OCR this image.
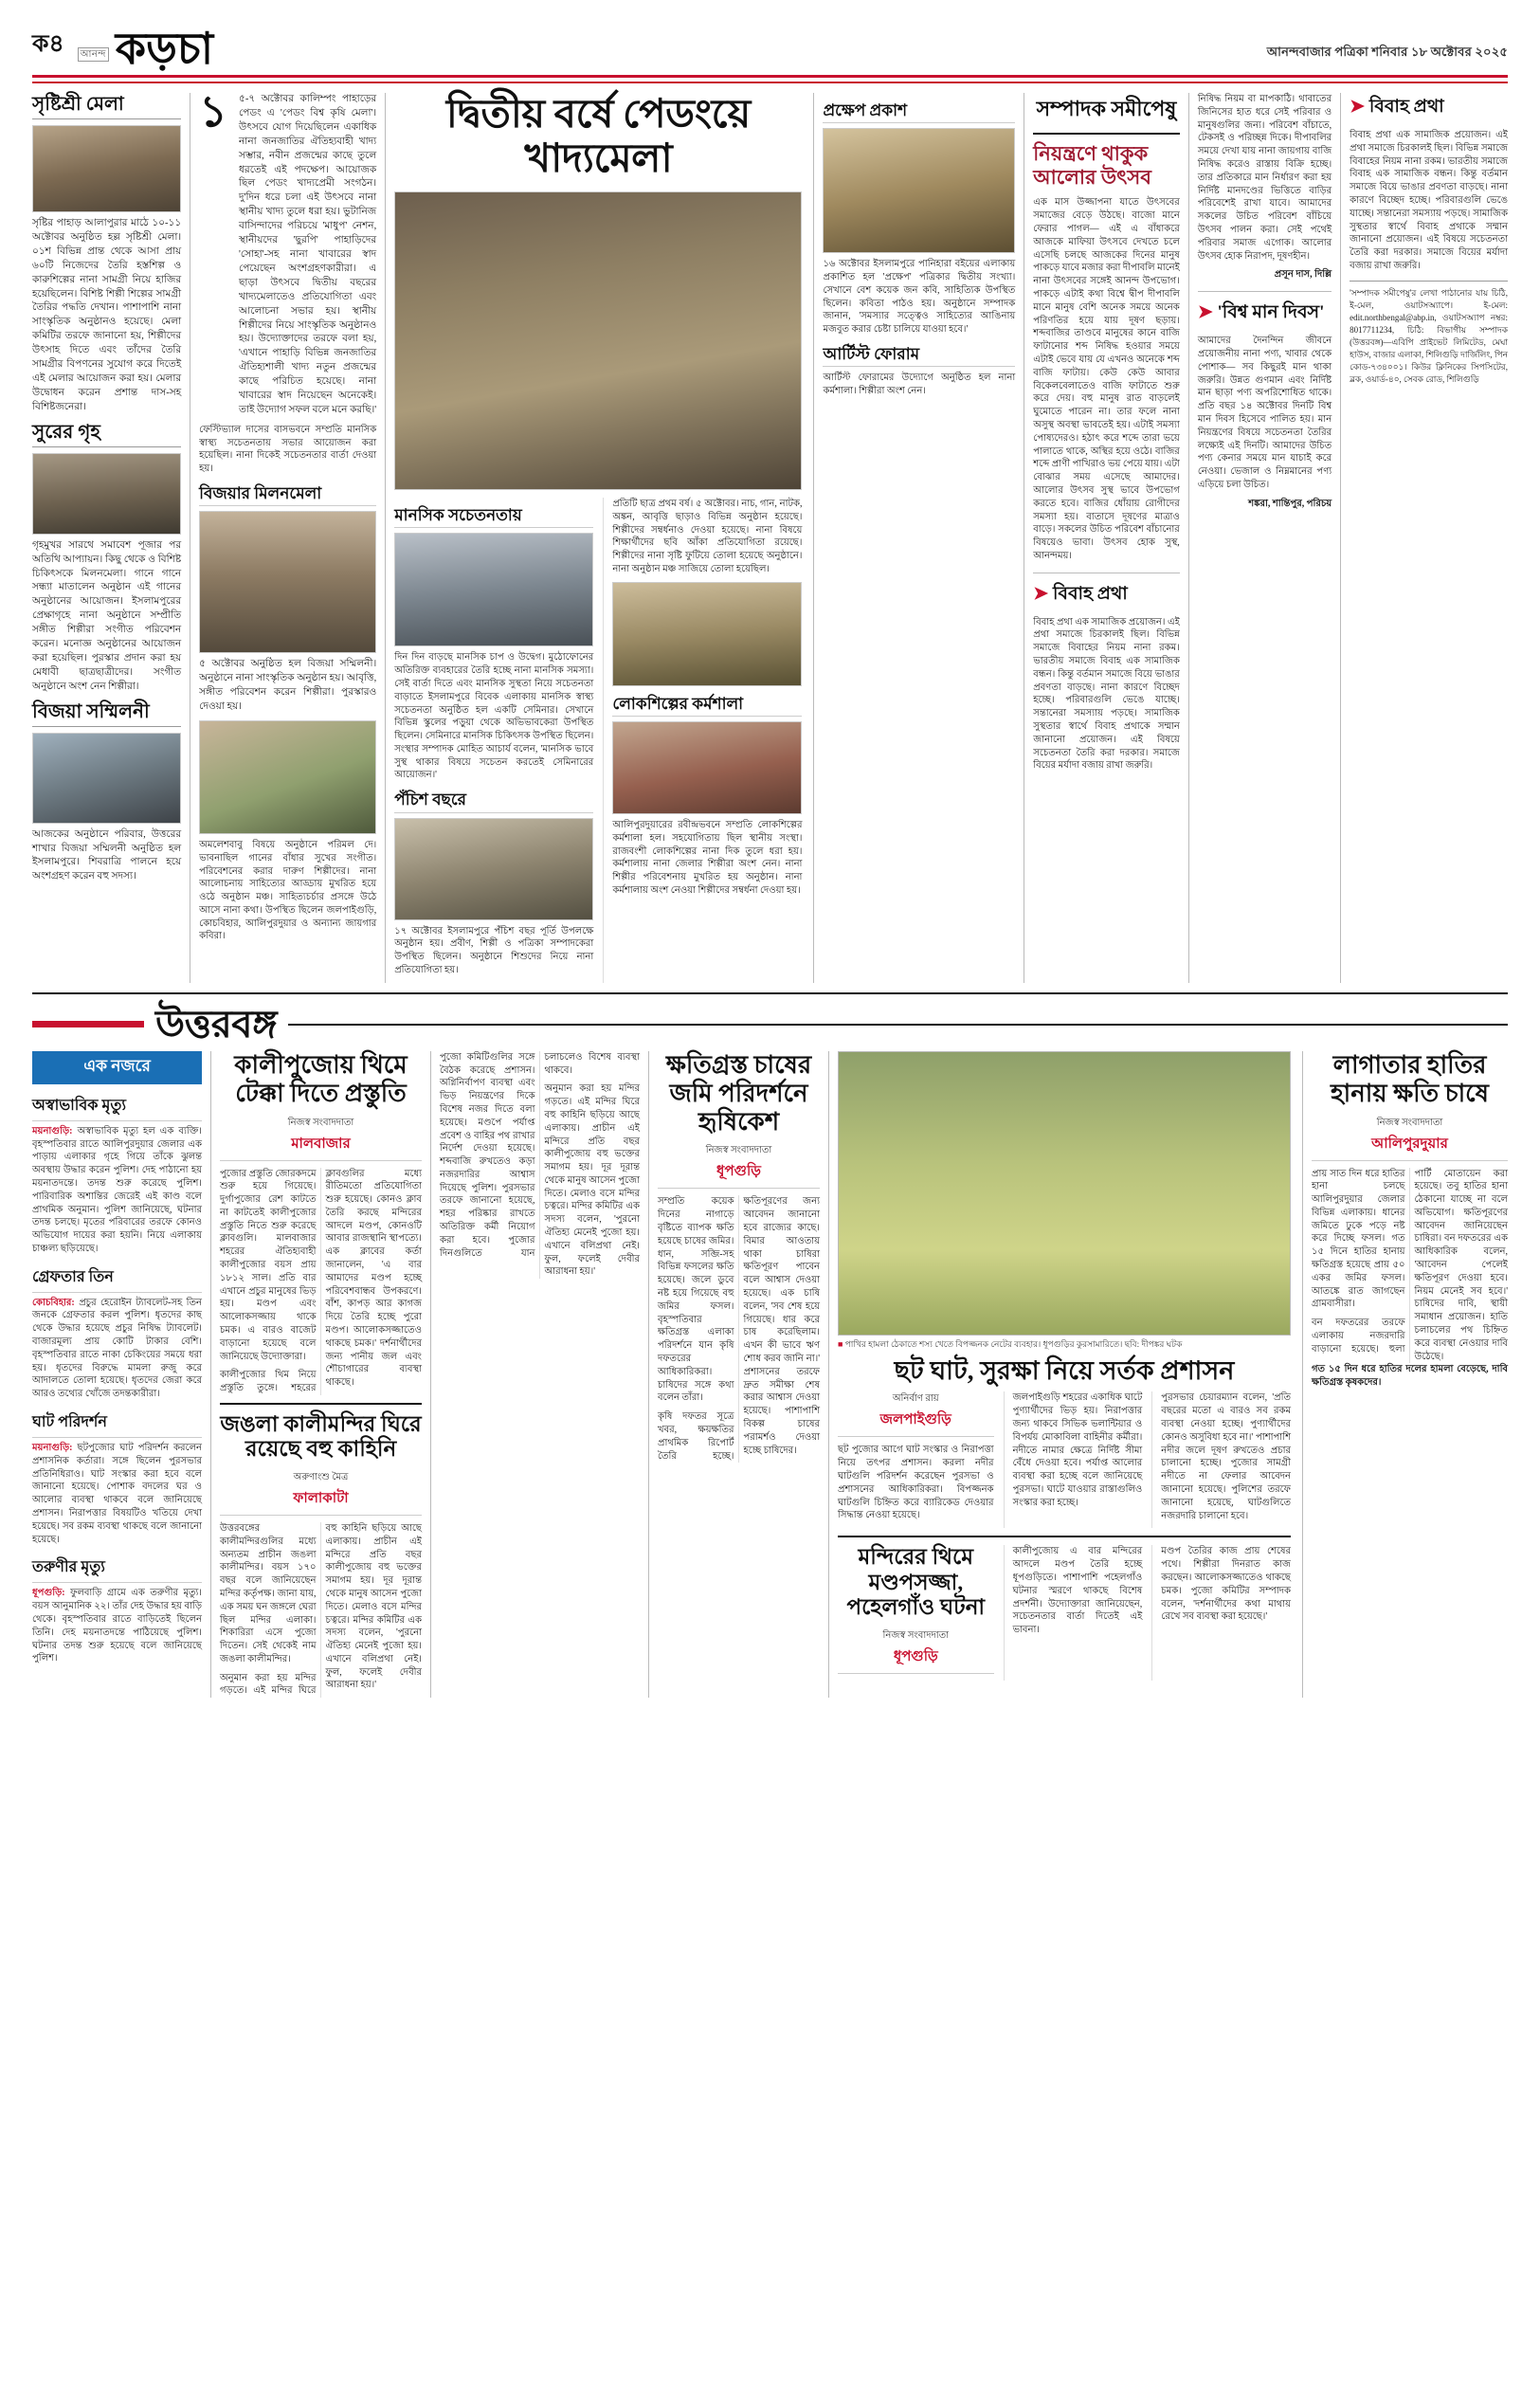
ক৪	আনন্দ কড়চা	আনন্দবাজার পত্রিকা শনিবার ১৮ অক্টোবর ২০২৫
সৃষ্টিশ্রী মেলা

সৃষ্টির পাহাড় আলাপুরার মাঠে ১০-১১ অক্টোবর অনুষ্ঠিত হল্ল সৃষ্টিশ্রী মেলা। ০১শ বিভিন্ন প্রান্ত থেকে আসা প্রায় ৬০টি নিজেদের তৈরি হস্তশিল্প ও কারুশিল্পের নানা সামগ্রী নিয়ে হাজির হয়েছিলেন। বিশিষ্ট শিল্পী শিল্পের সামগ্রী তৈরির পদ্ধতি দেখান। পাশাপাশি নানা সাংস্কৃতিক অনুষ্ঠানও হয়েছে। মেলা কমিটির তরফে জানানো হয়, শিল্পীদের উৎসাহ দিতে এবং তাঁদের তৈরি সামগ্রীর বিপণনের সুযোগ করে দিতেই এই মেলার আয়োজন করা হয়। মেলার উদ্বোধন করেন প্রশান্ত দাস-সহ বিশিষ্টজনেরা।

সুরের গৃহ

গৃহমুখর সারথে সমাবেশ পূজার পর অতিথি আপ্যায়ন। কিছু থেকে ও বিশিষ্ট চিকিৎসকে মিলনমেলা। গানে গানে সন্ধ্যা মাতালেন অনুষ্ঠান এই গানের অনুষ্ঠানের আয়োজন। ইসলামপুরের প্রেক্ষাগৃহে নানা অনুষ্ঠানে সম্প্রীতি সঙ্গীত শিল্পীরা সংগীত পরিবেশন করেন। মনোজ্ঞ অনুষ্ঠানের আয়োজন করা হয়েছিল। পুরস্কার প্রদান করা হয় মেধাবী ছাত্রছাত্রীদের। সংগীত অনুষ্ঠানে অংশ নেন শিল্পীরা।

বিজয়া সম্মিলনী

আজকের অনুষ্ঠানে পরিবার, উত্তরের শাখার বিজয়া সম্মিলনী অনুষ্ঠিত হল ইসলামপুরে। শিবরাত্রি পালনে হয়ে অংশগ্রহণ করেন বহু সদস্য।

১	৫-৭ অক্টোবর কালিম্পং পাহাড়ের পেডং এ 'পেডং বিশ্ব কৃষি মেলা'। উৎসবে যোগ দিয়েছিলেন একাধিক নানা জনজাতির ঐতিহ্যবাহী খাদ্য সম্ভার, নবীন প্রজন্মের কাছে তুলে ধরতেই এই পদক্ষেপ। আয়োজক ছিল পেডং খাদ্যপ্রেমী সংগঠন। দু'দিন ধরে চলা এই উৎসবে নানা স্থানীয় খাদ্য তুলে ধরা হয়। ভুটানিজ বাসিন্দাদের পরিচয়ে 'মাধুপ' নেশন, স্থানীয়দের 'ছুরপি' পাহাড়িদের 'সোহা'-সহ নানা খাবারের স্বাদ পেয়েছেন অংশগ্রহণকারীরা। এ ছাড়া উৎসবে দ্বিতীয় বছরের খাদ্যমেলাতেও প্রতিযোগিতা এবং আলোচনা সভার হয়। স্থানীয় শিল্পীদের নিয়ে সাংস্কৃতিক অনুষ্ঠানও হয়। উদ্যোক্তাদের তরফে বলা হয়, 'এখানে পাহাড়ি বিভিন্ন জনজাতির ঐতিহ্যশালী খাদ্য নতুন প্রজন্মের কাছে পরিচিত হয়েছে। নানা খাবারের স্বাদ নিয়েছেন অনেকেই। তাই উদ্যোগ সফল বলে মনে করছি।'

ফেস্টিভ্যাল দাসের বাসভবনে সম্প্রতি মানসিক স্বাস্থ্য সচেতনতায় সভার আয়োজন করা হয়েছিল। নানা দিকেই সচেতনতার বার্তা দেওয়া হয়।

বিজয়ার মিলনমেলা

৫ অক্টোবর অনুষ্ঠিত হল বিজয়া সম্মিলনী। অনুষ্ঠানে নানা সাংস্কৃতিক অনুষ্ঠান হয়। আবৃত্তি, সঙ্গীত পরিবেশন করেন শিল্পীরা। পুরস্কারও দেওয়া হয়।

অমলেশবাবু বিষয়ে অনুষ্ঠানে পরিমল দে। ভাবনাছিল গানের বাঁধার সুখের সংগীত। পরিবেশনের করার দারুণ শিল্পীদের। নানা আলোচনায় সাহিত্যের আড্ডায় মুখরিত হয়ে ওঠে অনুষ্ঠান মঞ্চ। সাহিত্যচর্চার প্রসঙ্গে উঠে আসে নানা কথা। উপস্থিত ছিলেন জলপাইগুড়ি, কোচবিহার, আলিপুরদুয়ার ও অন্যান্য জায়গার কবিরা।

দ্বিতীয় বর্ষে পেডংয়ে খাদ্যমেলা
মানসিক সচেতনতায়

দিন দিন বাড়ছে মানসিক চাপ ও উদ্বেগ। মুঠোফোনের অতিরিক্ত ব্যবহারের তৈরি হচ্ছে নানা মানসিক সমস্যা। সেই বার্তা দিতে এবং মানসিক সুস্থতা নিয়ে সচেতনতা বাড়াতে ইসলামপুরে বিবেক এলাকায় মানসিক স্বাস্থ্য সচেতনতা অনুষ্ঠিত হল একটি সেমিনার। সেখানে বিভিন্ন স্কুলের পড়ুয়া থেকে অভিভাবকেরা উপস্থিত ছিলেন। সেমিনারে মানসিক চিকিৎসক উপস্থিত ছিলেন। সংস্থার সম্পাদক মোহিত আচার্য বলেন, 'মানসিক ভাবে সুস্থ থাকার বিষয়ে সচেতন করতেই সেমিনারের আয়োজন।'

পঁচিশ বছরে

১৭ অক্টোবর ইসলামপুরে পঁচিশ বছর পূর্তি উপলক্ষে অনুষ্ঠান হয়। প্রবীণ, শিল্পী ও পত্রিকা সম্পাদকেরা উপস্থিত ছিলেন। অনুষ্ঠানে শিশুদের নিয়ে নানা প্রতিযোগিতা হয়।

প্রতিটি ছাত্র প্রথম বর্ষ। ৫ অক্টোবর। নাচ, গান, নাটক, অঙ্কন, আবৃত্তি ছাড়াও বিভিন্ন অনুষ্ঠান হয়েছে। শিল্পীদের সম্বর্ধনাও দেওয়া হয়েছে। নানা বিষয়ে শিক্ষার্থীদের ছবি আঁকা প্রতিযোগিতা রয়েছে। শিল্পীদের নানা সৃষ্টি ফুটিয়ে তোলা হয়েছে অনুষ্ঠানে। নানা অনুষ্ঠান মঞ্চ সাজিয়ে তোলা হয়েছিল।

লোকশিল্পের কর্মশালা

আলিপুরদুয়ারের রবীন্দ্রভবনে সম্প্রতি লোকশিল্পের কর্মশালা হল। সহযোগিতায় ছিল স্থানীয় সংস্থা। রাজবংশী লোকশিল্পের নানা দিক তুলে ধরা হয়। কর্মশালায় নানা জেলার শিল্পীরা অংশ নেন। নানা শিল্পীর পরিবেশনায় মুখরিত হয় অনুষ্ঠান। নানা কর্মশালায় অংশ নেওয়া শিল্পীদের সম্বর্ধনা দেওয়া হয়।

প্রক্ষেপ প্রকাশ

১৬ অক্টোবর ইসলামপুরে পানিহারা বইয়ের এলাকায় প্রকাশিত হল 'প্রক্ষেপ' পত্রিকার দ্বিতীয় সংখ্যা। সেখানে বেশ কয়েক জন কবি, সাহিত্যিক উপস্থিত ছিলেন। কবিতা পাঠও হয়। অনুষ্ঠানে সম্পাদক জানান, 'সমস্যার সত্ত্বেও সাহিত্যের আঙিনায় মজবুত করার চেষ্টা চালিয়ে যাওয়া হবে।'

আর্টিস্ট ফোরাম

আর্টিস্ট ফোরামের উদ্যোগে অনুষ্ঠিত হল নানা কর্মশালা। শিল্পীরা অংশ নেন।

সম্পাদক সমীপেষু
নিয়ন্ত্রণে থাকুক আলোর উৎসব

এক মাস উজ্জাপনা যাতে উৎসবের সমাজের বেড়ে উঠছে। বাজো মানে ফেরার পাগল— এই এ বাঁধাকরে আজকে মাফিয়া উৎসবে দেখতে চলে এসেছি চলছে আজকের দিনের মানুষ পাকড়ে যাবে মজার করা দীপাবলি মানেই নানা উৎসবের সঙ্গেই আনন্দ উপভোগ। পাকড়ে এটাই কথা বিশ্বে দ্বীপ দীপাবলি মানে মানুষ বেশি অনেক সময়ে অনেক পরিণতির হয়ে যায় দূষণ ছড়ায়। শব্দবাজির তাণ্ডবে মানুষের কানে বাজি ফাটানোর শব্দ নিষিদ্ধ হওয়ার সময়ে এটাই ভেবে যায় যে এখনও অনেকে শব্দ বাজি ফাটায়। কেউ কেউ আবার বিকেলবেলাতেও বাজি ফাটাতে শুরু করে দেয়। বহু মানুষ রাত বাড়লেই ঘুমোতে পারেন না। তার ফলে নানা অসুস্থ অবস্থা ভাবতেই হয়। এটাই সমস্যা পোষ্যদেরও। হঠাৎ করে শব্দে তারা ভয়ে পালাতে থাকে, অস্থির হয়ে ওঠে। বাজির শব্দে প্রাণী পাখিরাও ভয় পেয়ে যায়। এটা বোঝার সময় এসেছে আমাদের। আলোর উৎসব সুস্থ ভাবে উপভোগ করতে হবে। বাজির ধোঁয়ায় রোগীদের সমস্যা হয়। বাতাসে দূষণের মাত্রাও বাড়ে। সকলের উচিত পরিবেশ বাঁচানোর বিষয়েও ভাবা। উৎসব হোক সুস্থ, আনন্দময়।

➤ বিবাহ প্রথা

বিবাহ প্রথা এক সামাজিক প্রয়োজন। এই প্রথা সমাজে চিরকালই ছিল। বিভিন্ন সমাজে বিবাহের নিয়ম নানা রকম। ভারতীয় সমাজে বিবাহ এক সামাজিক বন্ধন। কিন্তু বর্তমান সমাজে বিয়ে ভাঙার প্রবণতা বাড়ছে। নানা কারণে বিচ্ছেদ হচ্ছে। পরিবারগুলি ভেঙে যাচ্ছে। সন্তানেরা সমস্যায় পড়ছে। সামাজিক সুস্থতার স্বার্থে বিবাহ প্রথাকে সম্মান জানানো প্রয়োজন। এই বিষয়ে সচেতনতা তৈরি করা দরকার। সমাজে বিয়ের মর্যাদা বজায় রাখা জরুরি।

নিষিদ্ধ নিয়ম বা মাপকাঠি। থাবাতের জিনিসের হাত ধরে সেই পরিবার ও মানুষগুলির জন্য। পরিবেশ বাঁচাতে, টেকসই ও পরিচ্ছন্ন দিকে। দীপাবলির সময়ে দেখা যায় নানা জায়গায় বাজি নিষিদ্ধ করেও রাস্তায় বিক্রি হচ্ছে। তার প্রতিকারে মান নির্ধারণ করা হয় নির্দিষ্ট মানদণ্ডের ভিত্তিতে বাড়ির পরিবেশেই রাখা যাবে। আমাদের সকলের উচিত পরিবেশ বাঁচিয়ে উৎসব পালন করা। সেই পথেই পরিবার সমাজ এগোক। আলোর উৎসব হোক নিরাপদ, দূষণহীন।

প্রসূন দাস, দিল্লি

➤ 'বিশ্ব মান দিবস'

আমাদের দৈনন্দিন জীবনে প্রয়োজনীয় নানা পণ্য, খাবার থেকে পোশাক— সব কিছুরই মান থাকা জরুরি। উন্নত গুণমান এবং নির্দিষ্ট মান ছাড়া পণ্য অপরিশোধিত থাকে। প্রতি বছর ১৪ অক্টোবর দিনটি বিশ্ব মান দিবস হিসেবে পালিত হয়। মান নিয়ন্ত্রণের বিষয়ে সচেতনতা তৈরির লক্ষ্যেই এই দিনটি। আমাদের উচিত পণ্য কেনার সময়ে মান যাচাই করে নেওয়া। ভেজাল ও নিম্নমানের পণ্য এড়িয়ে চলা উচিত।

শঙ্করা, শান্তিপুর, পরিচয়

➤ বিবাহ প্রথা

বিবাহ প্রথা এক সামাজিক প্রয়োজন। এই প্রথা সমাজে চিরকালই ছিল। বিভিন্ন সমাজে বিবাহের নিয়ম নানা রকম। ভারতীয় সমাজে বিবাহ এক সামাজিক বন্ধন। কিন্তু বর্তমান সমাজে বিয়ে ভাঙার প্রবণতা বাড়ছে। নানা কারণে বিচ্ছেদ হচ্ছে। পরিবারগুলি ভেঙে যাচ্ছে। সন্তানেরা সমস্যায় পড়ছে। সামাজিক সুস্থতার স্বার্থে বিবাহ প্রথাকে সম্মান জানানো প্রয়োজন। এই বিষয়ে সচেতনতা তৈরি করা দরকার। সমাজে বিয়ের মর্যাদা বজায় রাখা জরুরি।

'সম্পাদক সমীপেষু'র লেখা পাঠানোর যায় চিঠি, ই-মেল, ওয়াটসঅ্যাপে। ই-মেল: edit.northbengal@abp.in, ওয়াটসঅ্যাপ নম্বর: 8017711234, চিঠি: বিভাগীয় সম্পাদক (উত্তরবঙ্গ)—এবিপি প্রাইভেট লিমিটেড, মেঘা হাউস, বাজার এলাকা, শিলিগুড়ি দার্জিলিং, পিন কোড-৭৩৪০০১। কিউর ক্লিনিকের সিপসিটের, ব্লক, ওয়ার্ড-৪০, সেবক রোড, শিলিগুড়ি
উত্তরবঙ্গ
এক নজরে
অস্বাভাবিক মৃত্যু

ময়নাগুড়ি: অস্বাভাবিক মৃত্যু হল এক ব্যক্তি। বৃহস্পতিবার রাতে আলিপুরদুয়ার জেলার এক পাড়ায় এলাকার গৃহে গিয়ে তাঁকে ঝুলন্ত অবস্থায় উদ্ধার করেন পুলিশ। দেহ পাঠানো হয় ময়নাতদন্তে। তদন্ত শুরু করেছে পুলিশ। পারিবারিক অশান্তির জেরেই এই কাণ্ড বলে প্রাথমিক অনুমান। পুলিশ জানিয়েছে, ঘটনার তদন্ত চলছে। মৃতের পরিবারের তরফে কোনও অভিযোগ দায়ের করা হয়নি। নিয়ে এলাকায় চাঞ্চল্য ছড়িয়েছে।

গ্রেফতার তিন

কোচবিহার: প্রচুর হেরোইন ট্যাবলেট-সহ তিন জনকে গ্রেফতার করল পুলিশ। ধৃতদের কাছ থেকে উদ্ধার হয়েছে প্রচুর নিষিদ্ধ ট্যাবলেট। বাজারমূল্য প্রায় কোটি টাকার বেশি। বৃহস্পতিবার রাতে নাকা চেকিংয়ের সময়ে ধরা হয়। ধৃতদের বিরুদ্ধে মামলা রুজু করে আদালতে তোলা হয়েছে। ধৃতদের জেরা করে আরও তথ্যের খোঁজে তদন্তকারীরা।

ঘাট পরিদর্শন

ময়নাগুড়ি: ছটপুজোর ঘাট পরিদর্শন করলেন প্রশাসনিক কর্তারা। সঙ্গে ছিলেন পুরসভার প্রতিনিধিরাও। ঘাট সংস্কার করা হবে বলে জানানো হয়েছে। পোশাক বদলের ঘর ও আলোর ব্যবস্থা থাকবে বলে জানিয়েছে প্রশাসন। নিরাপত্তার বিষয়টিও খতিয়ে দেখা হয়েছে। সব রকম ব্যবস্থা থাকছে বলে জানানো হয়েছে।

তরুণীর মৃত্যু

ধূপগুড়ি: ফুলবাড়ি গ্রামে এক তরুণীর মৃত্যু। বয়স আনুমানিক ২২। তাঁর দেহ উদ্ধার হয় বাড়ি থেকে। বৃহস্পতিবার রাতে বাড়িতেই ছিলেন তিনি। দেহ ময়নাতদন্তে পাঠিয়েছে পুলিশ। ঘটনার তদন্ত শুরু হয়েছে বলে জানিয়েছে পুলিশ।

কালীপুজোয় থিমে টেক্কা দিতে প্রস্তুতি
নিজস্ব সংবাদদাতা
মালবাজার

পুজোর প্রস্তুতি জোরকদমে শুরু হয়ে গিয়েছে। দুর্গাপুজোর রেশ কাটতে না কাটতেই কালীপুজোর প্রস্তুতি নিতে শুরু করেছে ক্লাবগুলি। মালবাজার শহরের ঐতিহ্যবাহী কালীপুজোর বয়স প্রায় ১৮১২ সাল। প্রতি বার এখানে প্রচুর মানুষের ভিড় হয়। মণ্ডপ এবং আলোকসজ্জায় থাকে চমক। এ বারও বাজেট বাড়ানো হয়েছে বলে জানিয়েছে উদ্যোক্তারা।

কালীপুজোর থিম নিয়ে প্রস্তুতি তুঙ্গে। শহরের ক্লাবগুলির মধ্যে রীতিমতো প্রতিযোগিতা শুরু হয়েছে। কোনও ক্লাব তৈরি করছে মন্দিরের আদলে মণ্ডপ, কোনওটি আবার রাজস্থানি স্থাপত্যে। এক ক্লাবের কর্তা জানালেন, 'এ বার আমাদের মণ্ডপ হচ্ছে পরিবেশবান্ধব উপকরণে। বাঁশ, কাপড় আর কাগজ দিয়ে তৈরি হচ্ছে পুরো মণ্ডপ। আলোকসজ্জাতেও থাকছে চমক।' দর্শনার্থীদের জন্য পানীয় জল এবং শৌচাগারের ব্যবস্থা থাকছে।

জঙলা কালীমন্দির ঘিরে রয়েছে বহু কাহিনি
অরুণাংশু মৈত্র
ফালাকাটা

উত্তরবঙ্গের কালীমন্দিরগুলির মধ্যে অন্যতম প্রাচীন জঙলা কালীমন্দির। বয়স ১৭০ বছর বলে জানিয়েছেন মন্দির কর্তৃপক্ষ। জানা যায়, এক সময় ঘন জঙ্গলে ঘেরা ছিল মন্দির এলাকা। শিকারিরা এসে পুজো দিতেন। সেই থেকেই নাম জঙলা কালীমন্দির।

অনুমান করা হয় মন্দির গড়তে। এই মন্দির ঘিরে বহু কাহিনি ছড়িয়ে আছে এলাকায়। প্রাচীন এই মন্দিরে প্রতি বছর কালীপুজোয় বহু ভক্তের সমাগম হয়। দূর দূরান্ত থেকে মানুষ আসেন পুজো দিতে। মেলাও বসে মন্দির চত্বরে। মন্দির কমিটির এক সদস্য বলেন, 'পুরনো ঐতিহ্য মেনেই পুজো হয়। এখানে বলিপ্রথা নেই। ফুল, ফলেই দেবীর আরাধনা হয়।'

পুজো কমিটিগুলির সঙ্গে বৈঠক করেছে প্রশাসন। অগ্নিনির্বাপণ ব্যবস্থা এবং ভিড় নিয়ন্ত্রণের দিকে বিশেষ নজর দিতে বলা হয়েছে। মণ্ডপে পর্যাপ্ত প্রবেশ ও বাহির পথ রাখার নির্দেশ দেওয়া হয়েছে। শব্দবাজি রুখতেও কড়া নজরদারির আশ্বাস দিয়েছে পুলিশ। পুরসভার তরফে জানানো হয়েছে, শহর পরিষ্কার রাখতে অতিরিক্ত কর্মী নিয়োগ করা হবে। পুজোর দিনগুলিতে যান চলাচলেও বিশেষ ব্যবস্থা থাকবে।

অনুমান করা হয় মন্দির গড়তে। এই মন্দির ঘিরে বহু কাহিনি ছড়িয়ে আছে এলাকায়। প্রাচীন এই মন্দিরে প্রতি বছর কালীপুজোয় বহু ভক্তের সমাগম হয়। দূর দূরান্ত থেকে মানুষ আসেন পুজো দিতে। মেলাও বসে মন্দির চত্বরে। মন্দির কমিটির এক সদস্য বলেন, 'পুরনো ঐতিহ্য মেনেই পুজো হয়। এখানে বলিপ্রথা নেই। ফুল, ফলেই দেবীর আরাধনা হয়।'

ক্ষতিগ্রস্ত চাষের জমি পরিদর্শনে হৃষিকেশ
নিজস্ব সংবাদদাতা
ধূপগুড়ি

সম্প্রতি কয়েক দিনের নাগাড়ে বৃষ্টিতে ব্যাপক ক্ষতি হয়েছে চাষের জমির। ধান, সব্জি-সহ বিভিন্ন ফসলের ক্ষতি হয়েছে। জলে ডুবে নষ্ট হয়ে গিয়েছে বহু জমির ফসল। বৃহস্পতিবার ক্ষতিগ্রস্ত এলাকা পরিদর্শনে যান কৃষি দফতরের আধিকারিকরা। চাষিদের সঙ্গে কথা বলেন তাঁরা।

কৃষি দফতর সূত্রে খবর, ক্ষয়ক্ষতির প্রাথমিক রিপোর্ট তৈরি হচ্ছে। ক্ষতিপূরণের জন্য আবেদন জানানো হবে রাজ্যের কাছে। বিমার আওতায় থাকা চাষিরা ক্ষতিপূরণ পাবেন বলে আশ্বাস দেওয়া হয়েছে। এক চাষি বলেন, 'সব শেষ হয়ে গিয়েছে। ধার করে চাষ করেছিলাম। এখন কী ভাবে ঋণ শোধ করব জানি না।' প্রশাসনের তরফে দ্রুত সমীক্ষা শেষ করার আশ্বাস দেওয়া হয়েছে। পাশাপাশি বিকল্প চাষের পরামর্শও দেওয়া হচ্ছে চাষিদের।

■ পাখির হামলা ঠেকাতে শস্য খেতে বিপজ্জনক নেটের ব্যবহার। ধূপগুড়ির কুরসামারিতে। ছবি: দীপঙ্কর ঘটক
ছট ঘাট, সুরক্ষা নিয়ে সর্তক প্রশাসন
অনির্বাণ রায়
জলপাইগুড়ি

ছট পুজোর আগে ঘাট সংস্কার ও নিরাপত্তা নিয়ে তৎপর প্রশাসন। করলা নদীর ঘাটগুলি পরিদর্শন করেছেন পুরসভা ও প্রশাসনের আধিকারিকরা। বিপজ্জনক ঘাটগুলি চিহ্নিত করে ব্যারিকেড দেওয়ার সিদ্ধান্ত নেওয়া হয়েছে।

জলপাইগুড়ি শহরের একাধিক ঘাটে পুণ্যার্থীদের ভিড় হয়। নিরাপত্তার জন্য থাকবে সিভিক ভলান্টিয়ার ও বিপর্যয় মোকাবিলা বাহিনীর কর্মীরা। নদীতে নামার ক্ষেত্রে নির্দিষ্ট সীমা বেঁধে দেওয়া হবে। পর্যাপ্ত আলোর ব্যবস্থা করা হচ্ছে বলে জানিয়েছে পুরসভা। ঘাটে যাওয়ার রাস্তাগুলিও সংস্কার করা হচ্ছে।

পুরসভার চেয়ারম্যান বলেন, 'প্রতি বছরের মতো এ বারও সব রকম ব্যবস্থা নেওয়া হচ্ছে। পুণ্যার্থীদের কোনও অসুবিধা হবে না।' পাশাপাশি নদীর জলে দূষণ রুখতেও প্রচার চালানো হচ্ছে। পুজোর সামগ্রী নদীতে না ফেলার আবেদন জানানো হয়েছে। পুলিশের তরফে জানানো হয়েছে, ঘাটগুলিতে নজরদারি চালানো হবে।

মন্দিরের থিমে মণ্ডপসজ্জা, পহেলগাঁও ঘটনা
নিজস্ব সংবাদদাতা
ধূপগুড়ি

কালীপুজোয় এ বার মন্দিরের আদলে মণ্ডপ তৈরি হচ্ছে ধূপগুড়িতে। পাশাপাশি পহেলগাঁও ঘটনার স্মরণে থাকছে বিশেষ প্রদর্শনী। উদ্যোক্তারা জানিয়েছেন, সচেতনতার বার্তা দিতেই এই ভাবনা।

মণ্ডপ তৈরির কাজ প্রায় শেষের পথে। শিল্পীরা দিনরাত কাজ করছেন। আলোকসজ্জাতেও থাকছে চমক। পুজো কমিটির সম্পাদক বলেন, 'দর্শনার্থীদের কথা মাথায় রেখে সব ব্যবস্থা করা হয়েছে।'

লাগাতার হাতির হানায় ক্ষতি চাষে
নিজস্ব সংবাদদাতা
আলিপুরদুয়ার

প্রায় সাত দিন ধরে হাতির হানা চলছে আলিপুরদুয়ার জেলার বিভিন্ন এলাকায়। ধানের জমিতে ঢুকে পড়ে নষ্ট করে দিচ্ছে ফসল। গত ১৫ দিনে হাতির হানায় ক্ষতিগ্রস্ত হয়েছে প্রায় ৫০ একর জমির ফসল। আতঙ্কে রাত জাগছেন গ্রামবাসীরা।

বন দফতরের তরফে এলাকায় নজরদারি বাড়ানো হয়েছে। হুলা পার্টি মোতায়েন করা হয়েছে। তবু হাতির হানা ঠেকানো যাচ্ছে না বলে অভিযোগ। ক্ষতিপূরণের আবেদন জানিয়েছেন চাষিরা। বন দফতরের এক আধিকারিক বলেন, 'আবেদন পেলেই ক্ষতিপূরণ দেওয়া হবে। নিয়ম মেনেই সব হবে।' চাষিদের দাবি, স্থায়ী সমাধান প্রয়োজন। হাতি চলাচলের পথ চিহ্নিত করে ব্যবস্থা নেওয়ার দাবি উঠেছে।

গত ১৫ দিন ধরে হাতির দলের হামলা বেড়েছে, দাবি ক্ষতিগ্রস্ত কৃষকদের।
